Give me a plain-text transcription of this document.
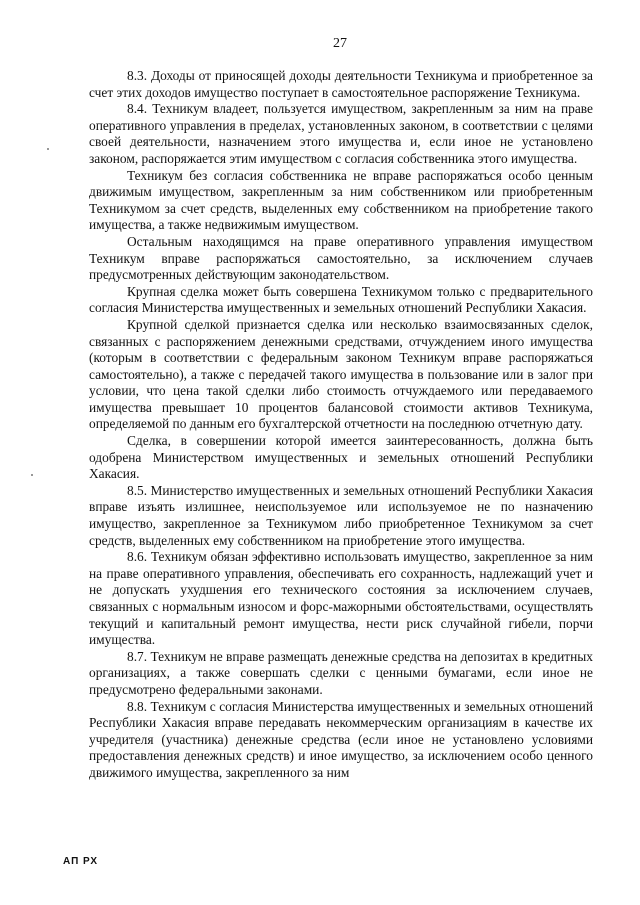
27

8.3. Доходы от приносящей доходы деятельности Техникума и приобретенное за счет этих доходов имущество поступает в самостоятельное распоряжение Техникума.

8.4. Техникум владеет, пользуется имуществом, закрепленным за ним на праве оперативного управления в пределах, установленных законом, в соответствии с целями своей деятельности, назначением этого имущества и, если иное не установлено законом, распоряжается этим имуществом с согласия собственника этого имущества.

Техникум без согласия собственника не вправе распоряжаться особо ценным движимым имуществом, закрепленным за ним собственником или приобретенным Техникумом за счет средств, выделенных ему собственником на приобретение такого имущества, а также недвижимым имуществом.

Остальным находящимся на праве оперативного управления имуществом Техникум вправе распоряжаться самостоятельно, за исключением случаев предусмотренных действующим законодательством.

Крупная сделка может быть совершена Техникумом только с предварительного согласия Министерства имущественных и земельных отношений Республики Хакасия.

Крупной сделкой признается сделка или несколько взаимосвязанных сделок, связанных с распоряжением денежными средствами, отчуждением иного имущества (которым в соответствии с федеральным законом Техникум вправе распоряжаться самостоятельно), а также с передачей такого имущества в пользование или в залог при условии, что цена такой сделки либо стоимость отчуждаемого или передаваемого имущества превышает 10 процентов балансовой стоимости активов Техникума, определяемой по данным его бухгалтерской отчетности на последнюю отчетную дату.

Сделка, в совершении которой имеется заинтересованность, должна быть одобрена Министерством имущественных и земельных отношений Республики Хакасия.

8.5. Министерство имущественных и земельных отношений Республики Хакасия вправе изъять излишнее, неиспользуемое или используемое не по назначению имущество, закрепленное за Техникумом либо приобретенное Техникумом за счет средств, выделенных ему собственником на приобретение этого имущества.

8.6. Техникум обязан эффективно использовать имущество, закрепленное за ним на праве оперативного управления, обеспечивать его сохранность, надлежащий учет и не допускать ухудшения его технического состояния за исключением случаев, связанных с нормальным износом и форс-мажорными обстоятельствами, осуществлять текущий и капитальный ремонт имущества, нести риск случайной гибели, порчи имущества.

8.7. Техникум не вправе размещать денежные средства на депозитах в кредитных организациях, а также совершать сделки с ценными бумагами, если иное не предусмотрено федеральными законами.

8.8. Техникум с согласия Министерства имущественных и земельных отношений Республики Хакасия вправе передавать некоммерческим организациям в качестве их учредителя (участника) денежные средства (если иное не установлено условиями предоставления денежных средств) и иное имущество, за исключением особо ценного движимого имущества, закрепленного за ним

АП РХ
